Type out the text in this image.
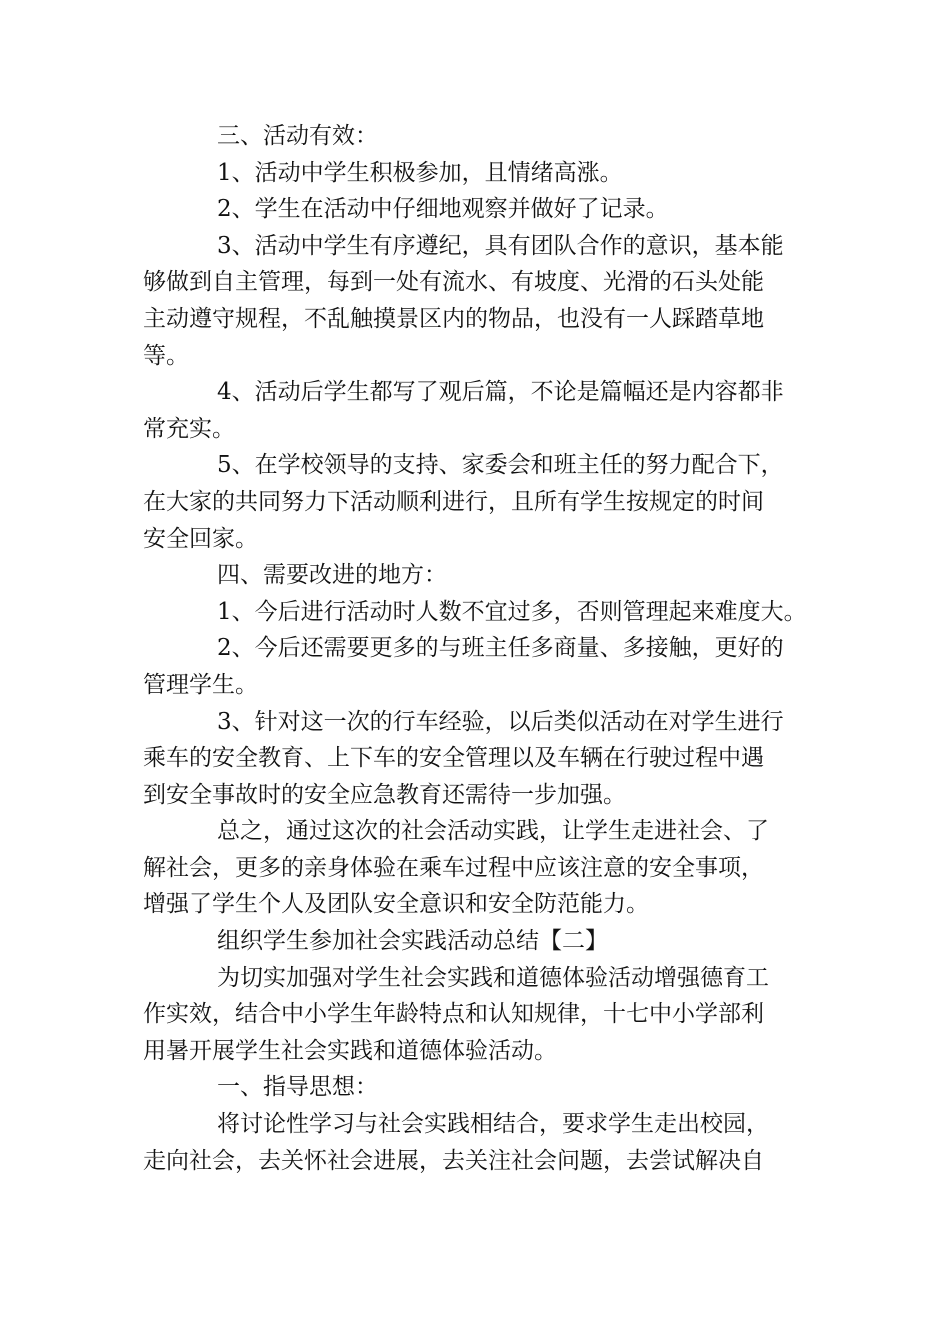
三、活动有效：
1、活动中学生积极参加，且情绪高涨。
2、学生在活动中仔细地观察并做好了记录。
3、活动中学生有序遵纪，具有团队合作的意识，基本能
够做到自主管理，每到一处有流水、有坡度、光滑的石头处能
主动遵守规程，不乱触摸景区内的物品，也没有一人踩踏草地
等。
4、活动后学生都写了观后篇，不论是篇幅还是内容都非
常充实。
5、在学校领导的支持、家委会和班主任的努力配合下，
在大家的共同努力下活动顺利进行，且所有学生按规定的时间
安全回家。
四、需要改进的地方：
1、今后进行活动时人数不宜过多，否则管理起来难度大。
2、今后还需要更多的与班主任多商量、多接触，更好的
管理学生。
3、针对这一次的行车经验，以后类似活动在对学生进行
乘车的安全教育、上下车的安全管理以及车辆在行驶过程中遇
到安全事故时的安全应急教育还需待一步加强。
总之，通过这次的社会活动实践，让学生走进社会、了
解社会，更多的亲身体验在乘车过程中应该注意的安全事项，
增强了学生个人及团队安全意识和安全防范能力。
组织学生参加社会实践活动总结【二】
为切实加强对学生社会实践和道德体验活动增强德育工
作实效，结合中小学生年龄特点和认知规律，十七中小学部利
用暑开展学生社会实践和道德体验活动。
一、指导思想：
将讨论性学习与社会实践相结合，要求学生走出校园，
走向社会，去关怀社会进展，去关注社会问题，去尝试解决自
